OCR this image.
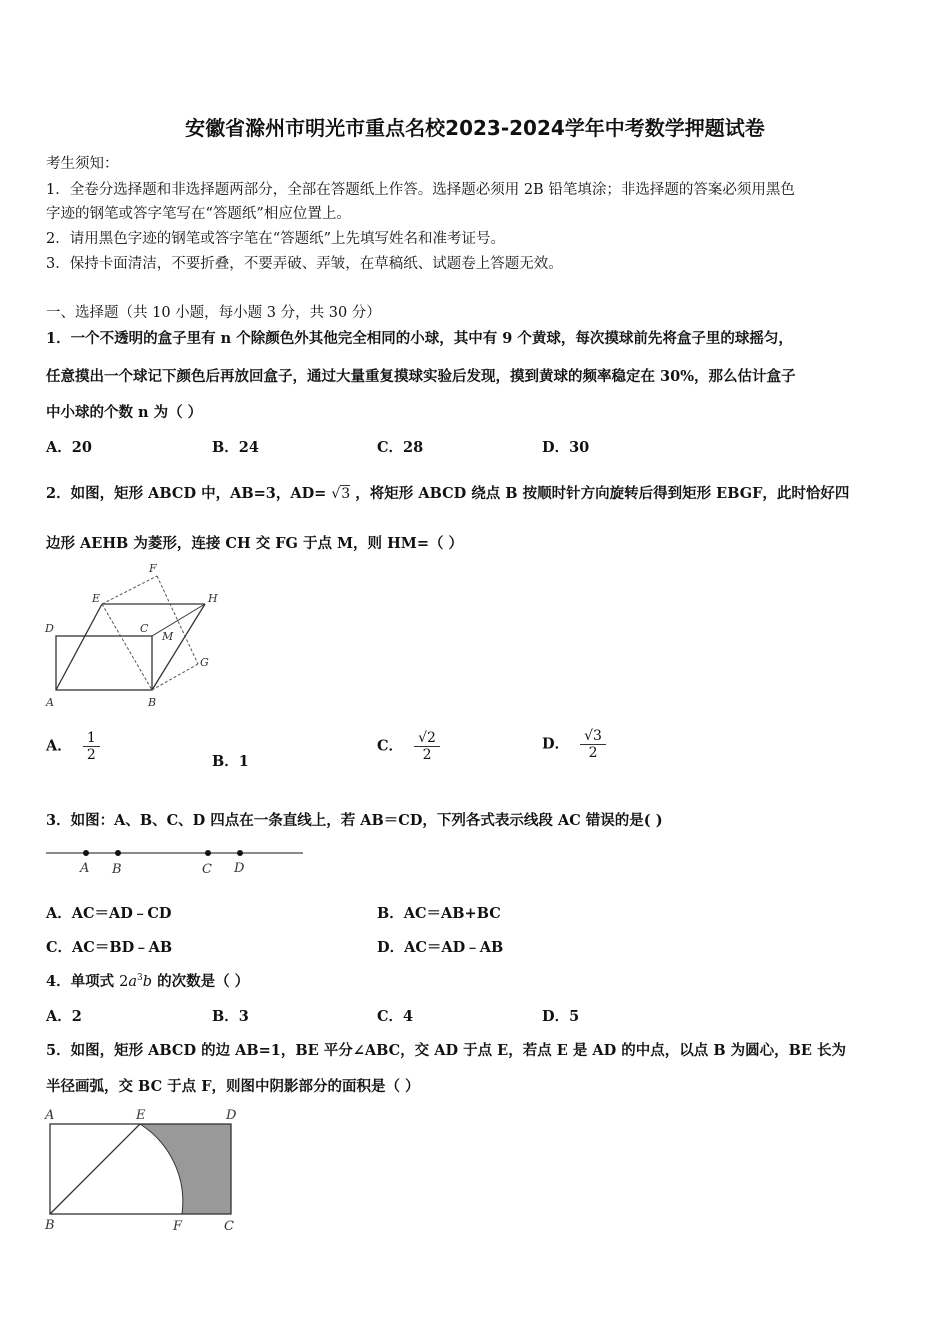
安徽省滁州市明光市重点名校2023-2024学年中考数学押题试卷
考生须知：
1．全卷分选择题和非选择题两部分，全部在答题纸上作答。选择题必须用 2B 铅笔填涂；非选择题的答案必须用黑色
字迹的钢笔或答字笔写在“答题纸”相应位置上。
2．请用黑色字迹的钢笔或答字笔在“答题纸”上先填写姓名和准考证号。
3．保持卡面清洁，不要折叠，不要弄破、弄皱，在草稿纸、试题卷上答题无效。
一、选择题（共 10 小题，每小题 3 分，共 30 分）
1．一个不透明的盒子里有 n 个除颜色外其他完全相同的小球，其中有 9 个黄球，每次摸球前先将盒子里的球摇匀，
任意摸出一个球记下颜色后再放回盒子，通过大量重复摸球实验后发现，摸到黄球的频率稳定在 30%，那么估计盒子
中小球的个数 n 为（ ）
A．20	B．24	C．28	D．30
2．如图，矩形 ABCD 中，AB=3，AD= √3 ，将矩形 ABCD 绕点 B 按顺时针方向旋转后得到矩形 EBGF，此时恰好四
边形 AEHB 为菱形，连接 CH 交 FG 于点 M，则 HM=（ ）
F
E	H
D	C
M
G
A	B
A． $\frac{1}{2}$	B．1
C． $\frac{√2}{2}$	D． $\frac{√3}{2}$
3．如图：A、B、C、D 四点在一条直线上，若 AB＝CD，下列各式表示线段 AC 错误的是( )
A B	C D
A．AC＝AD﹣CD	B．AC＝AB+BC
C．AC＝BD﹣AB	D．AC＝AD﹣AB
4．单项式 $2a^3b$ 的次数是（ ）
A．2	B．3	C．4	D．5
5．如图，矩形 ABCD 的边 AB=1，BE 平分∠ABC，交 AD 于点 E，若点 E 是 AD 的中点，以点 B 为圆心，BE 长为
半径画弧，交 BC 于点 F，则图中阴影部分的面积是（ ）
A	E	D
B	F	C
